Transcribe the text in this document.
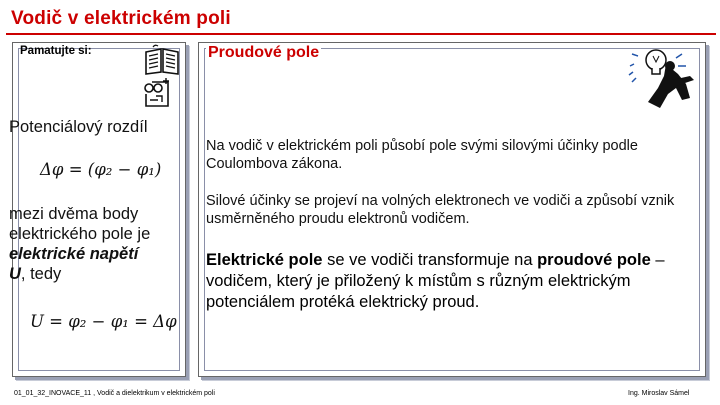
Vodič v elektrickém poli
Pamatujte si:
Potenciálový rozdíl
Δφ = (φ₂ − φ₁)
mezi dvěma body
elektrického pole je
elektrické napětí
U, tedy
U = φ₂ − φ₁ = Δφ
Proudové pole
Na vodič v elektrickém poli působí pole svými silovými účinky podle Coulombova zákona.
Silové účinky se projeví na volných elektronech ve vodiči a způsobí vznik usměrněného proudu elektronů vodičem.
Elektrické pole se ve vodiči transformuje na proudové pole – vodičem, který je přiložený k místům s různým elektrickým potenciálem protéká elektrický proud.
01_01_32_INOVACE_11 , Vodič a dielektrikum v elektrickém poli	Ing. Miroslav Sámel
